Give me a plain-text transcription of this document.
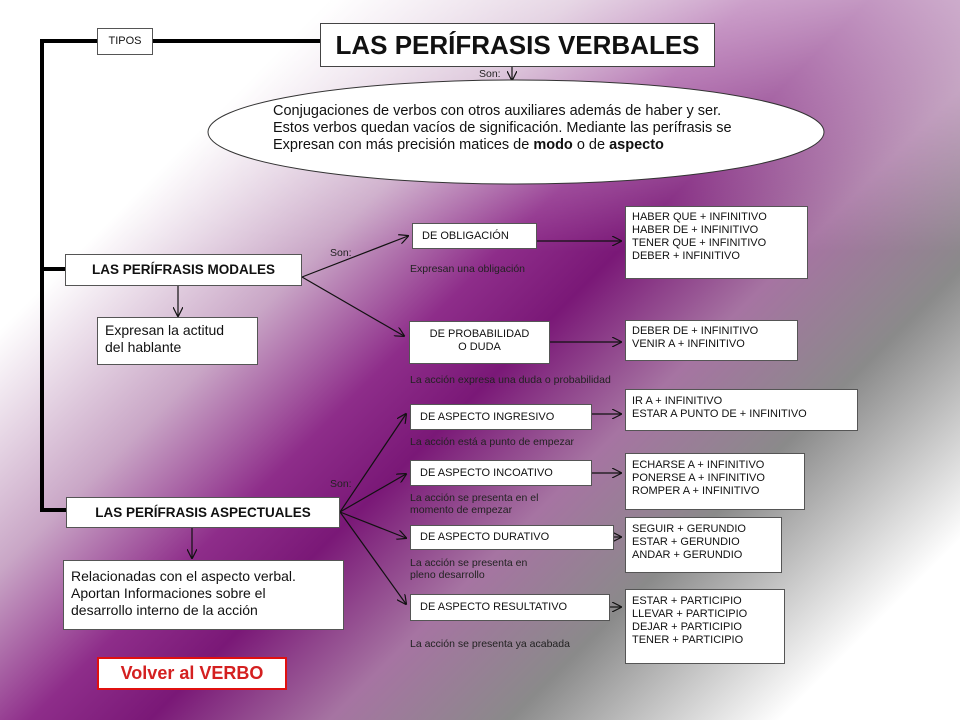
TIPOS	LAS PERÍFRASIS VERBALES
Son:
Conjugaciones de verbos con otros auxiliares además de haber y ser.
Estos verbos quedan vacíos de significación. Mediante las perífrasis se
Expresan con más precisión matices de modo o de aspecto
LAS PERÍFRASIS MODALES
Son:
Expresan la actitud
del hablante
DE OBLIGACIÓN
Expresan una obligación
HABER QUE + INFINITIVO
HABER DE + INFINITIVO
TENER QUE + INFINITIVO
DEBER + INFINITIVO
DE PROBABILIDAD
O DUDA
La acción expresa una duda o probabilidad
DEBER DE + INFINITIVO
VENIR A + INFINITIVO
LAS PERÍFRASIS ASPECTUALES
Son:
Relacionadas con el aspecto verbal.
Aportan Informaciones sobre el
desarrollo interno de la acción
DE ASPECTO INGRESIVO
La acción está a punto de empezar
IR A + INFINITIVO
ESTAR A PUNTO DE + INFINITIVO
DE ASPECTO INCOATIVO
La acción se presenta en el
momento de empezar
ECHARSE A + INFINITIVO
PONERSE A + INFINITIVO
ROMPER A + INFINITIVO
DE ASPECTO DURATIVO
La acción se presenta en
pleno desarrollo
SEGUIR + GERUNDIO
ESTAR + GERUNDIO
ANDAR + GERUNDIO
DE ASPECTO RESULTATIVO
La acción se presenta ya acabada
ESTAR + PARTICIPIO
LLEVAR + PARTICIPIO
DEJAR + PARTICIPIO
TENER + PARTICIPIO
Volver al VERBO
